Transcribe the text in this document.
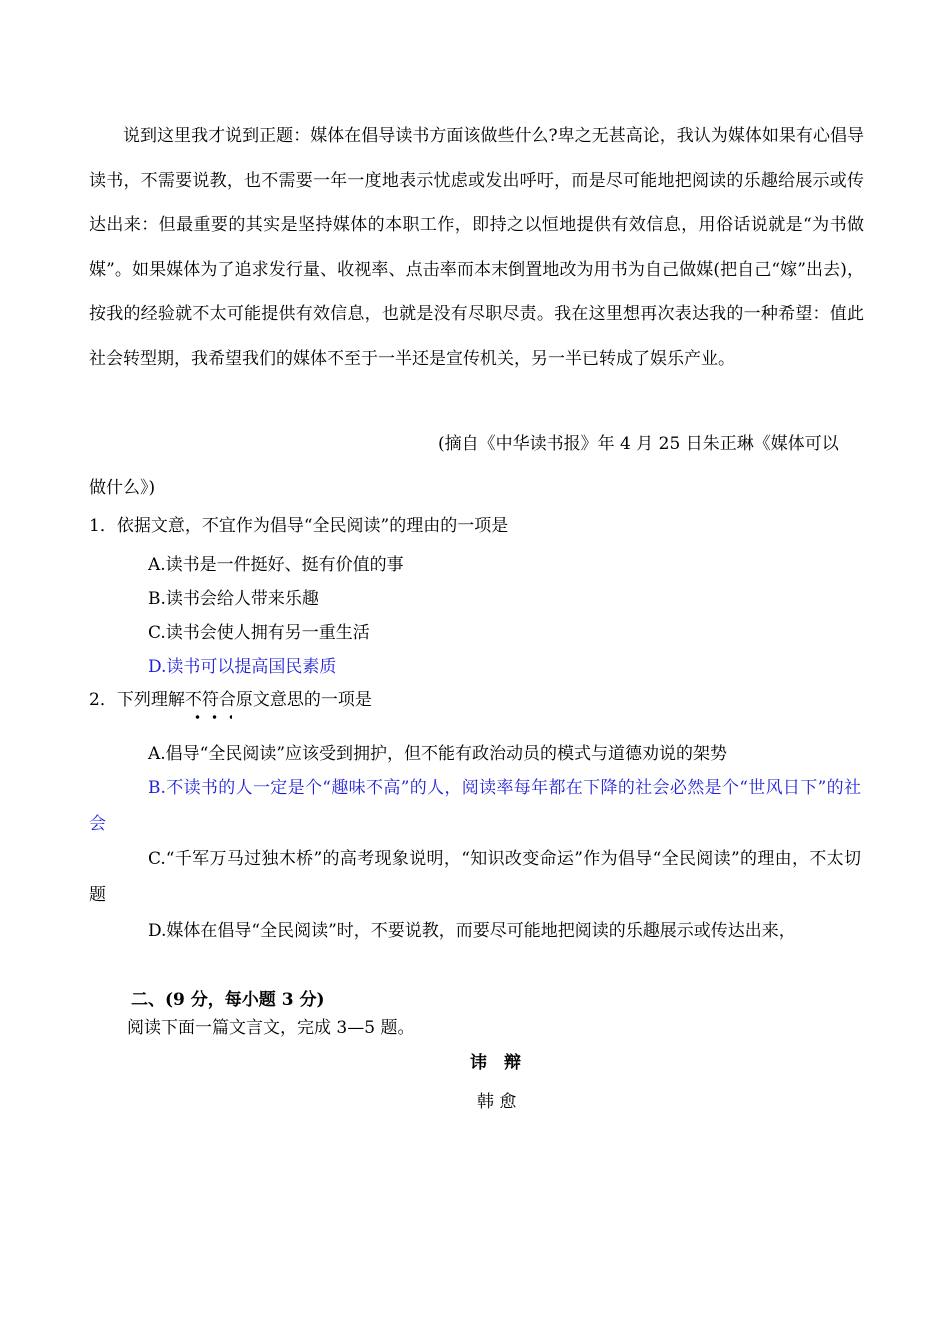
说到这里我才说到正题：媒体在倡导读书方面该做些什么?卑之无甚高论，我认为媒体如果有心倡导读书，不需要说教，也不需要一年一度地表示忧虑或发出呼吁，而是尽可能地把阅读的乐趣给展示或传达出来：但最重要的其实是坚持媒体的本职工作，即持之以恒地提供有效信息，用俗话说就是“为书做媒”。如果媒体为了追求发行量、收视率、点击率而本末倒置地改为用书为自己做媒(把自己“嫁”出去)，按我的经验就不太可能提供有效信息，也就是没有尽职尽责。我在这里想再次表达我的一种希望：值此社会转型期，我希望我们的媒体不至于一半还是宣传机关，另一半已转成了娱乐产业。
(摘自《中华读书报》年 4 月 25 日朱正琳《媒体可以
做什么》)
1．依据文意，不宜作为倡导“全民阅读”的理由的一项是
A.读书是一件挺好、挺有价值的事
B.读书会给人带来乐趣
C.读书会使人拥有另一重生活
D.读书可以提高国民素质
2．下列理解不符合原文意思的一项是
A.倡导“全民阅读”应该受到拥护，但不能有政治动员的模式与道德劝说的架势
B.不读书的人一定是个“趣味不高”的人，阅读率每年都在下降的社会必然是个“世风日下”的社会
C.“千军万马过独木桥”的高考现象说明，“知识改变命运”作为倡导“全民阅读”的理由，不太切题
D.媒体在倡导“全民阅读”时，不要说教，而要尽可能地把阅读的乐趣展示或传达出来，
二、(9 分，每小题 3 分)
阅读下面一篇文言文，完成 3—5 题。
讳　辩
韩 愈
